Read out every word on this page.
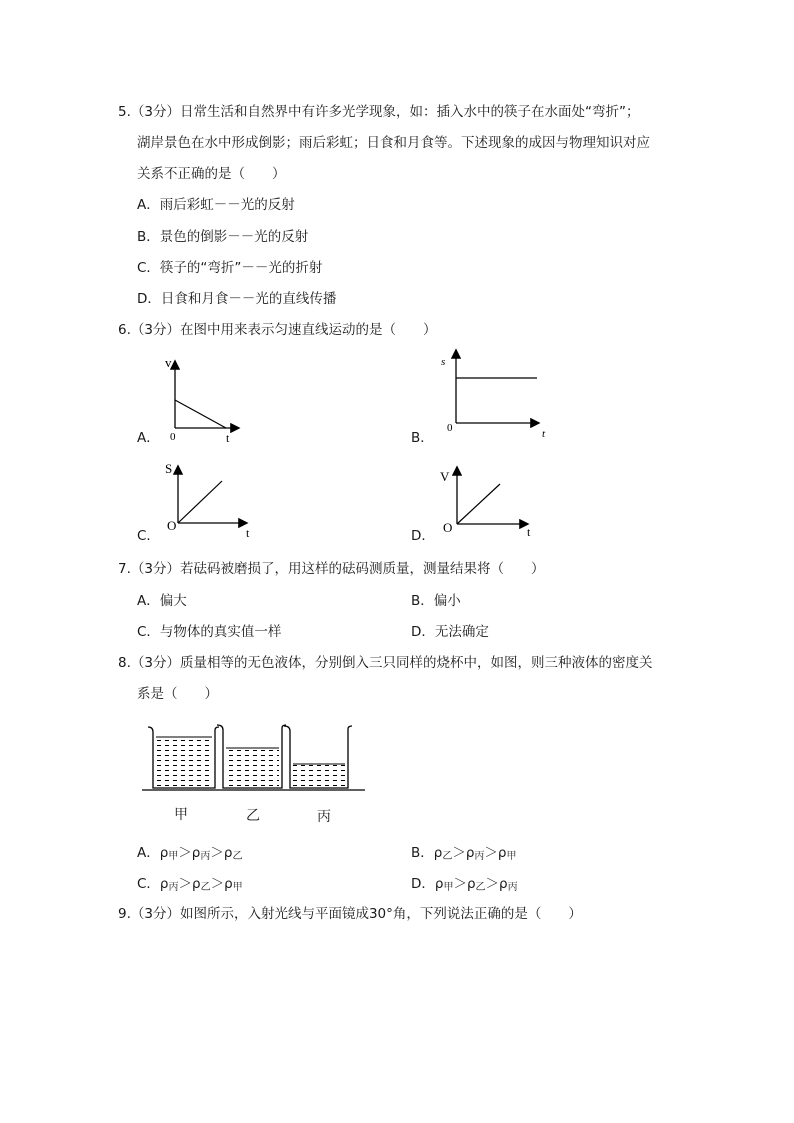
5.（3分）日常生活和自然界中有许多光学现象，如：插入水中的筷子在水面处“弯折”；
湖岸景色在水中形成倒影；雨后彩虹；日食和月食等。下述现象的成因与物理知识对应
关系不正确的是（　　）
A．雨后彩虹－－光的反射
B．景色的倒影－－光的反射
C．筷子的“弯折”－－光的折射
D．日食和月食－－光的直线传播
6.（3分）在图中用来表示匀速直线运动的是（　　）
A．
v
t
0	B．
s
t
0
C．
S
t
O
D．
V
t
O
7.（3分）若砝码被磨损了，用这样的砝码测质量，测量结果将（　　）
A．偏大	B．偏小
C．与物体的真实值一样	D．无法确定
8.（3分）质量相等的无色液体，分别倒入三只同样的烧杯中，如图，则三种液体的密度关
系是（　　）
甲	乙	丙
A．$\rho_甲>\rho_丙>\rho_乙$	B．$\rho_乙>\rho_丙>\rho_甲$
C．$\rho_丙>\rho_乙>\rho_甲$	D．$\rho_甲>\rho_乙>\rho_丙$
9.（3分）如图所示，入射光线与平面镜成30°角，下列说法正确的是（　　）
